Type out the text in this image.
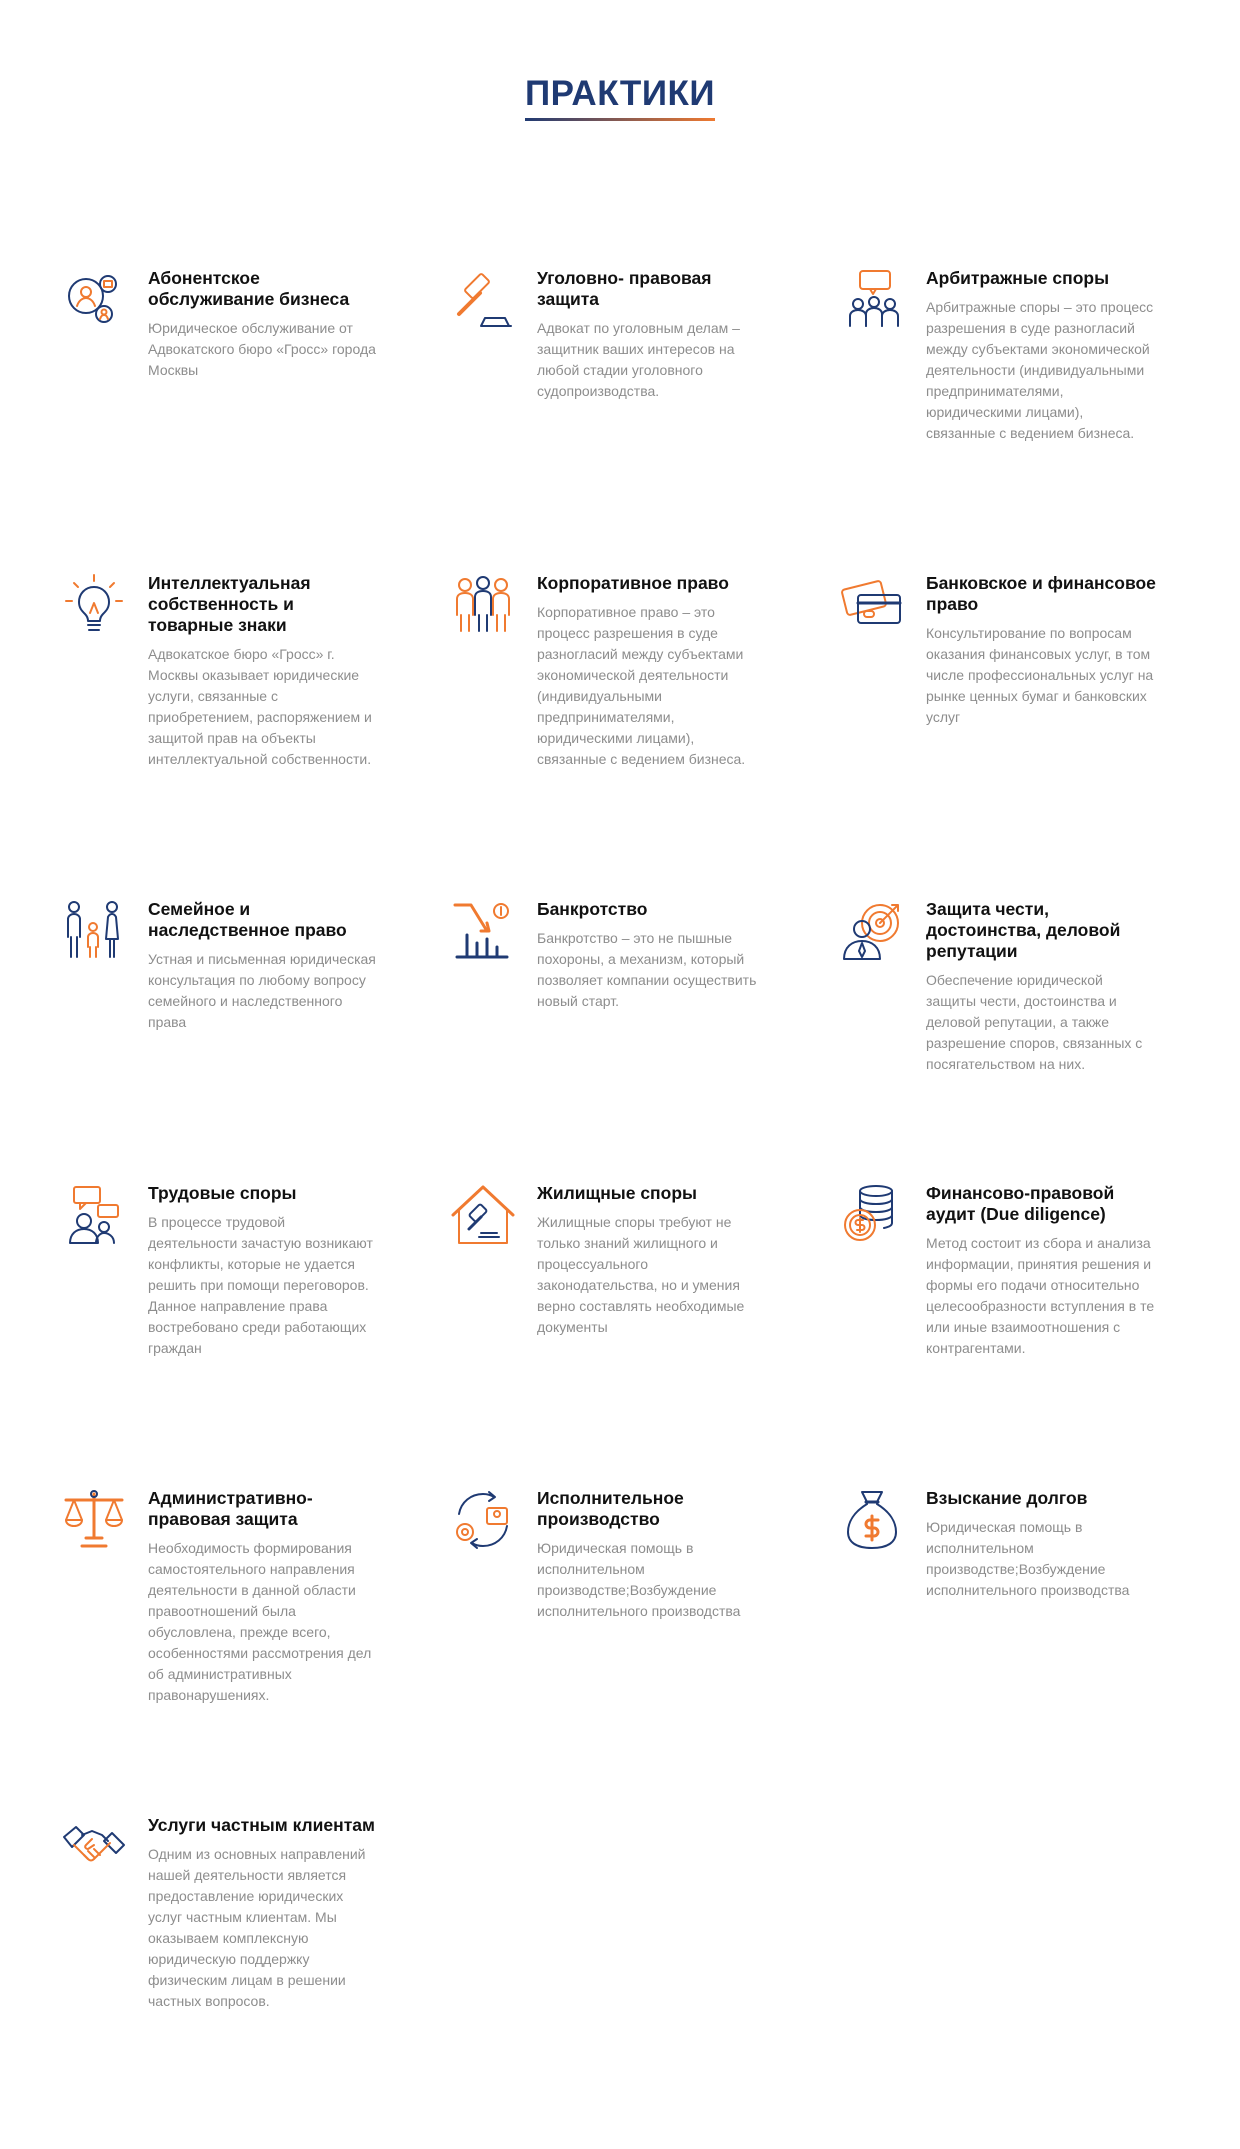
ПРАКТИКИ
Абонентское обслуживание бизнеса

Юридическое обслуживание от Адвокатского бюро «Гросс» города Москвы

Уголовно- правовая защита

Адвокат по уголовным делам – защитник ваших интересов на любой стадии уголовного судопроизводства.

Арбитражные споры

Арбитражные споры – это процесс разрешения в суде разногласий между субъектами экономической деятельности (индивидуальными предпринимателями, юридическими лицами), связанные с ведением бизнеса.

Интеллектуальная собственность и товарные знаки

Адвокатское бюро «Гросс» г. Москвы оказывает юридические услуги, связанные с приобретением, распоряжением и защитой прав на объекты интеллектуальной собственности.

Корпоративное право

Корпоративное право – это процесс разрешения в суде разногласий между субъектами экономической деятельности (индивидуальными предпринимателями, юридическими лицами), связанные с ведением бизнеса.

Банковское и финансовое право

Консультирование по вопросам оказания финансовых услуг, в том числе профессиональных услуг на рынке ценных бумаг и банковских услуг

Семейное и наследственное право

Устная и письменная юридическая консультация по любому вопросу семейного и наследственного права

Банкротство

Банкротство – это не пышные похороны, а механизм, который позволяет компании осуществить новый старт.

Защита чести, достоинства, деловой репутации

Обеспечение юридической защиты чести, достоинства и деловой репутации, а также разрешение споров, связанных с посягательством на них.

Трудовые споры

В процессе трудовой деятельности зачастую возникают конфликты, которые не удается решить при помощи переговоров. Данное направление права востребовано среди работающих граждан

Жилищные споры

Жилищные споры требуют не только знаний жилищного и процессуального законодательства, но и умения верно составлять необходимые документы

Финансово-правовой аудит (Due diligence)

Метод состоит из сбора и анализа информации, принятия решения и формы его подачи относительно целесообразности вступления в те или иные взаимоотношения с контрагентами.

Административно-правовая защита

Необходимость формирования самостоятельного направления деятельности в данной области правоотношений была обусловлена, прежде всего, особенностями рассмотрения дел об административных правонарушениях.

Исполнительное производство

Юридическая помощь в исполнительном производстве;Возбуждение исполнительного производства

Взыскание долгов

Юридическая помощь в исполнительном производстве;Возбуждение исполнительного производства

Услуги частным клиентам

Одним из основных направлений нашей деятельности является предоставление юридических услуг частным клиентам. Мы оказываем комплексную юридическую поддержку физическим лицам в решении частных вопросов.
